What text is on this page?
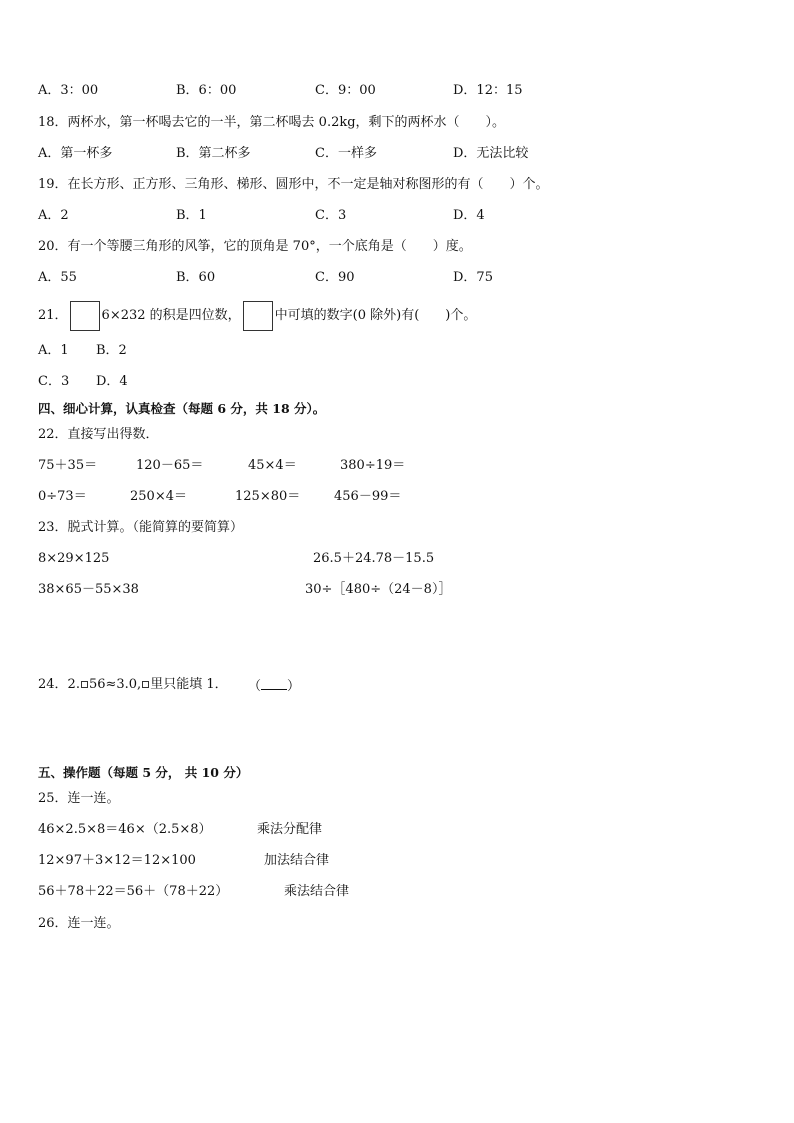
A．3：00	B．6：00	C．9：00	D．12：15
18．两杯水，第一杯喝去它的一半，第二杯喝去 0.2kg，剩下的两杯水（　　）。
A．第一杯多	B．第二杯多	C．一样多	D．无法比较
19．在长方形、正方形、三角形、梯形、圆形中，不一定是轴对称图形的有（　　）个。
A．2	B．1	C．3	D．4
20．有一个等腰三角形的风筝，它的顶角是 70°，一个底角是（　　）度。
A．55	B．60	C．90	D．75
21．	6×232 的积是四位数，	中可填的数字(0 除外)有(　　)个。
A．1 B．2
C．3 D．4
四、细心计算，认真检查（每题 6 分，共 18 分）。
22．直接写出得数．
75＋35＝	120－65＝	45×4＝	380÷19＝
0÷73＝	250×4＝	125×80＝	456－99＝
23．脱式计算。（能简算的要简算）
8×29×125	26.5＋24.78－15.5
38×65－55×38	30÷［480÷（24－8）］
24．2. 56≈3.0, 里只能填 1． （ ）
五、操作题（每题 5 分， 共 10 分）
25．连一连。
46×2.5×8＝46×（2.5×8）	乘法分配律
12×97＋3×12＝12×100	加法结合律
56＋78＋22＝56＋（78＋22）	乘法结合律
26．连一连。
